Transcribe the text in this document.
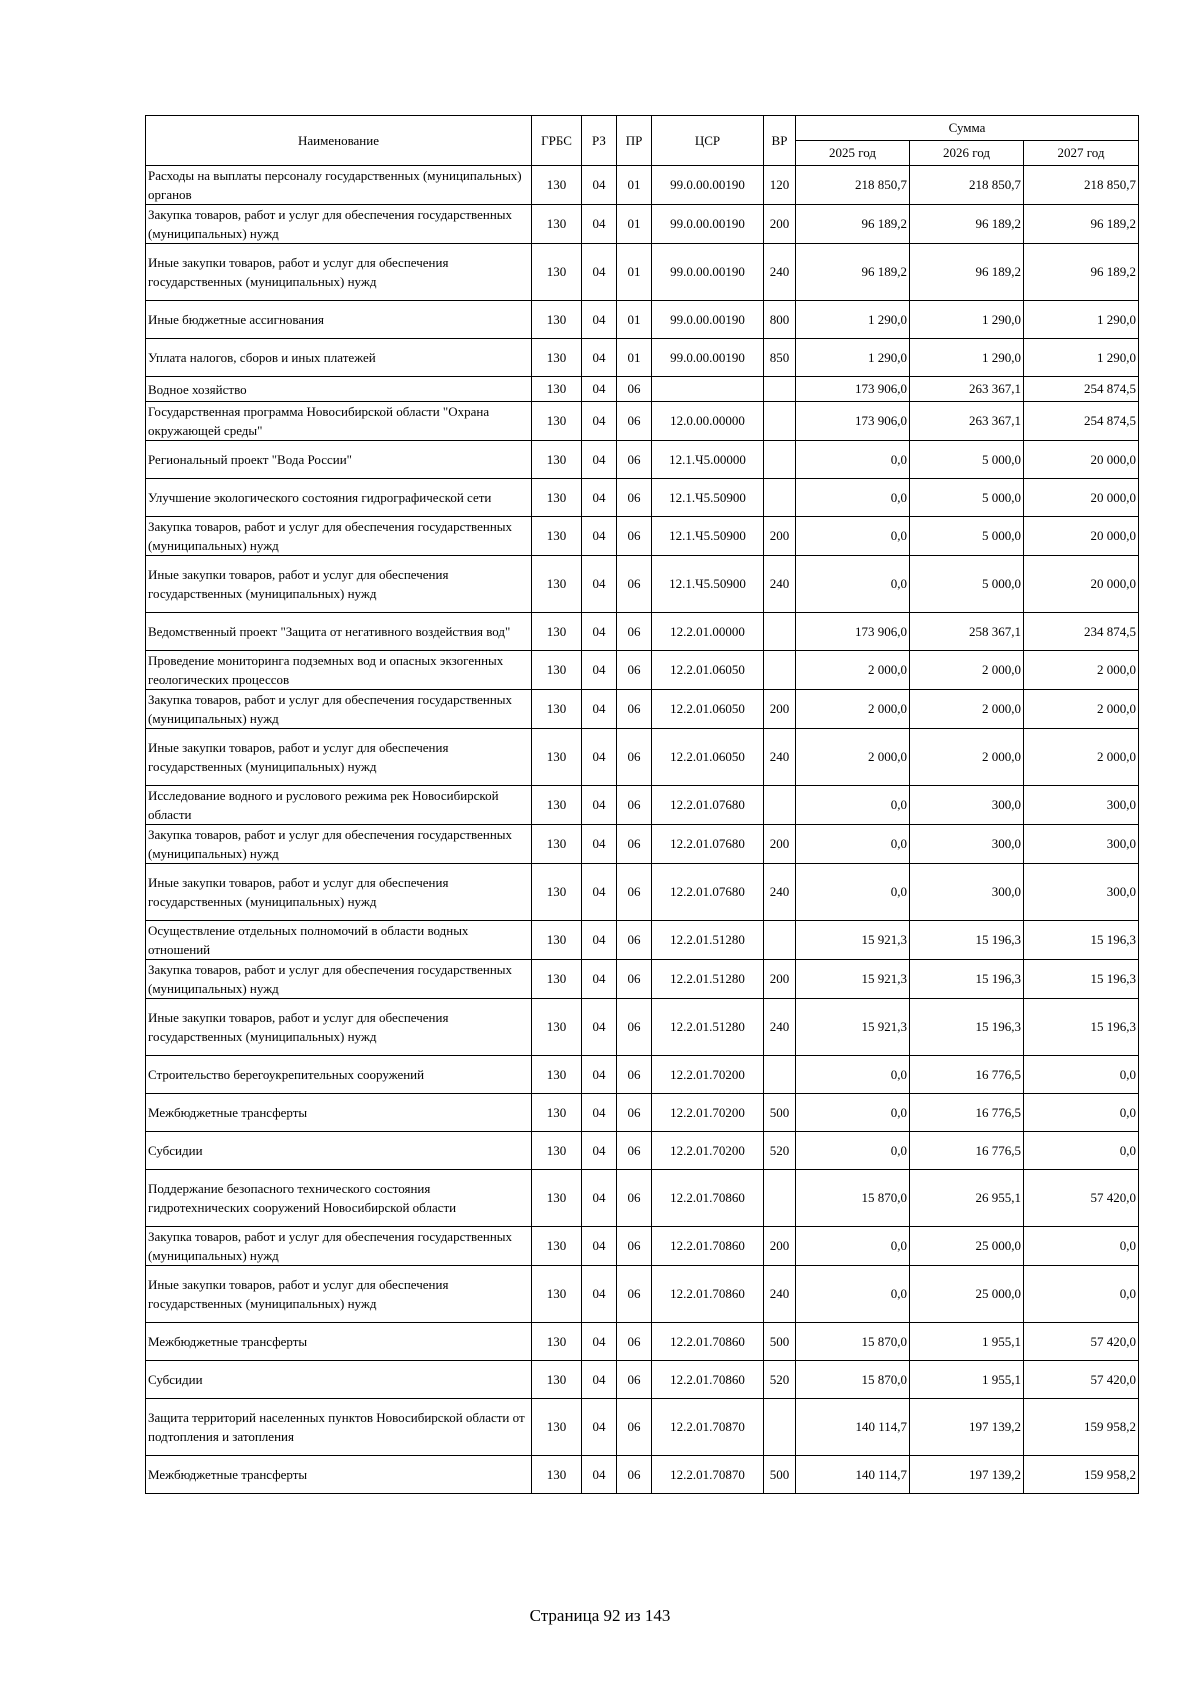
Наименование	ГРБС	РЗ	ПР	ЦСР	ВР	Сумма		
						2025 год	2026 год	2027 год
Расходы на выплаты персоналу государственных (муниципальных) органов	130	04	01	99.0.00.00190	120	218 850,7	218 850,7	218 850,7
Закупка товаров, работ и услуг для обеспечения государственных (муниципальных) нужд	130	04	01	99.0.00.00190	200	96 189,2	96 189,2	96 189,2
Иные закупки товаров, работ и услуг для обеспечения государственных (муниципальных) нужд	130	04	01	99.0.00.00190	240	96 189,2	96 189,2	96 189,2
Иные бюджетные ассигнования	130	04	01	99.0.00.00190	800	1 290,0	1 290,0	1 290,0
Уплата налогов, сборов и иных платежей	130	04	01	99.0.00.00190	850	1 290,0	1 290,0	1 290,0
Водное хозяйство	130	04	06			173 906,0	263 367,1	254 874,5
Государственная программа Новосибирской области "Охрана окружающей среды"	130	04	06	12.0.00.00000		173 906,0	263 367,1	254 874,5
Региональный проект "Вода России"	130	04	06	12.1.Ч5.00000		0,0	5 000,0	20 000,0
Улучшение экологического состояния гидрографической сети	130	04	06	12.1.Ч5.50900		0,0	5 000,0	20 000,0
Закупка товаров, работ и услуг для обеспечения государственных (муниципальных) нужд	130	04	06	12.1.Ч5.50900	200	0,0	5 000,0	20 000,0
Иные закупки товаров, работ и услуг для обеспечения государственных (муниципальных) нужд	130	04	06	12.1.Ч5.50900	240	0,0	5 000,0	20 000,0
Ведомственный проект "Защита от негативного воздействия вод"	130	04	06	12.2.01.00000		173 906,0	258 367,1	234 874,5
Проведение мониторинга подземных вод и опасных экзогенных геологических процессов	130	04	06	12.2.01.06050		2 000,0	2 000,0	2 000,0
Закупка товаров, работ и услуг для обеспечения государственных (муниципальных) нужд	130	04	06	12.2.01.06050	200	2 000,0	2 000,0	2 000,0
Иные закупки товаров, работ и услуг для обеспечения государственных (муниципальных) нужд	130	04	06	12.2.01.06050	240	2 000,0	2 000,0	2 000,0
Исследование водного и руслового режима рек Новосибирской области	130	04	06	12.2.01.07680		0,0	300,0	300,0
Закупка товаров, работ и услуг для обеспечения государственных (муниципальных) нужд	130	04	06	12.2.01.07680	200	0,0	300,0	300,0
Иные закупки товаров, работ и услуг для обеспечения государственных (муниципальных) нужд	130	04	06	12.2.01.07680	240	0,0	300,0	300,0
Осуществление отдельных полномочий в области водных отношений	130	04	06	12.2.01.51280		15 921,3	15 196,3	15 196,3
Закупка товаров, работ и услуг для обеспечения государственных (муниципальных) нужд	130	04	06	12.2.01.51280	200	15 921,3	15 196,3	15 196,3
Иные закупки товаров, работ и услуг для обеспечения государственных (муниципальных) нужд	130	04	06	12.2.01.51280	240	15 921,3	15 196,3	15 196,3
Строительство берегоукрепительных сооружений	130	04	06	12.2.01.70200		0,0	16 776,5	0,0
Межбюджетные трансферты	130	04	06	12.2.01.70200	500	0,0	16 776,5	0,0
Субсидии	130	04	06	12.2.01.70200	520	0,0	16 776,5	0,0
Поддержание безопасного технического состояния гидротехнических сооружений Новосибирской области	130	04	06	12.2.01.70860		15 870,0	26 955,1	57 420,0
Закупка товаров, работ и услуг для обеспечения государственных (муниципальных) нужд	130	04	06	12.2.01.70860	200	0,0	25 000,0	0,0
Иные закупки товаров, работ и услуг для обеспечения государственных (муниципальных) нужд	130	04	06	12.2.01.70860	240	0,0	25 000,0	0,0
Межбюджетные трансферты	130	04	06	12.2.01.70860	500	15 870,0	1 955,1	57 420,0
Субсидии	130	04	06	12.2.01.70860	520	15 870,0	1 955,1	57 420,0
Защита территорий населенных пунктов Новосибирской области от подтопления и затопления	130	04	06	12.2.01.70870		140 114,7	197 139,2	159 958,2
Межбюджетные трансферты	130	04	06	12.2.01.70870	500	140 114,7	197 139,2	159 958,2
Страница 92 из 143
